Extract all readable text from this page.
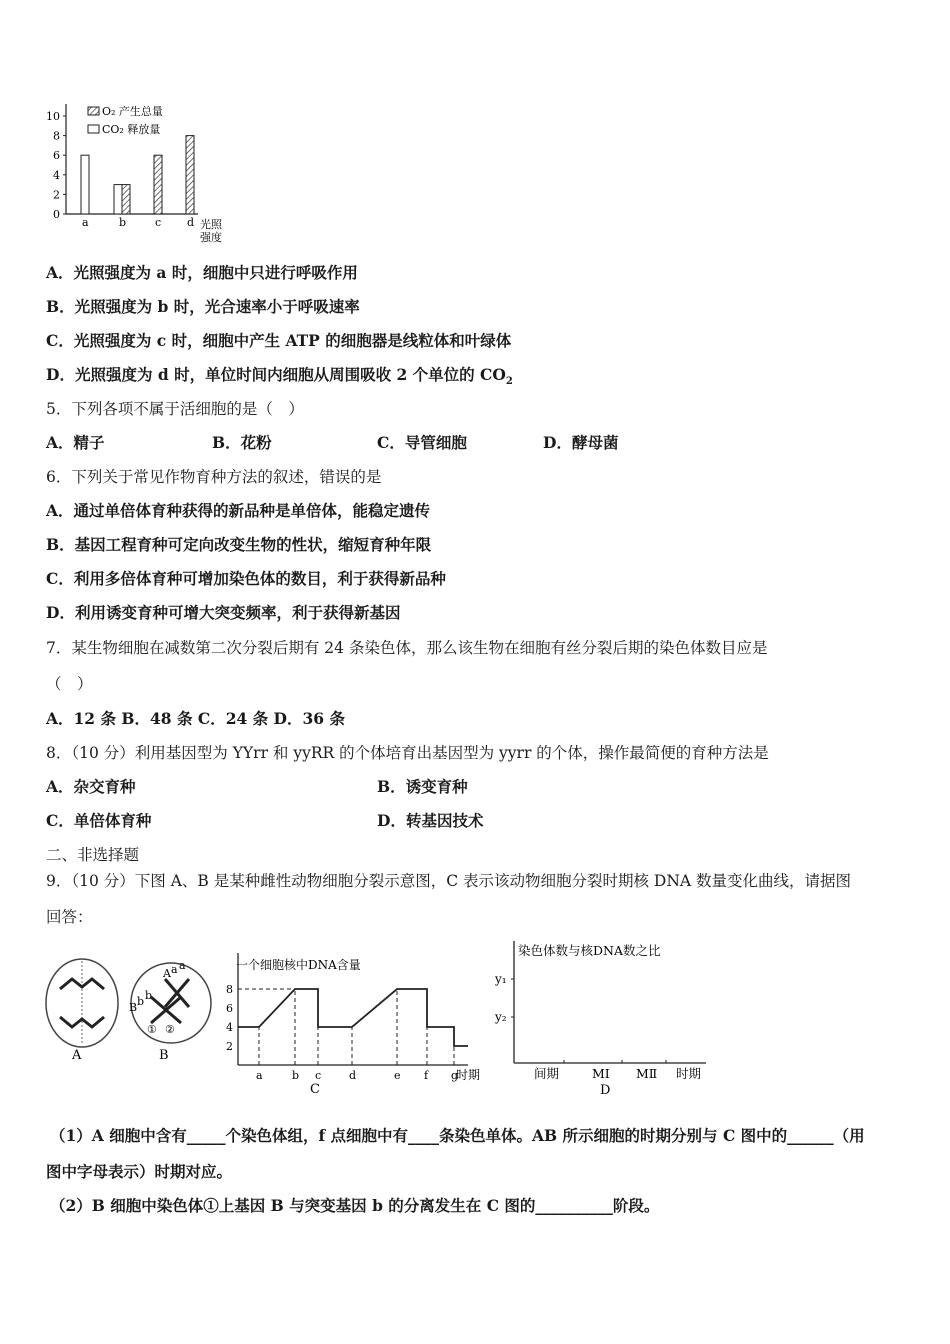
0
2
4
6
8
10
a	b	c d
O₂ 产生总量
CO₂ 释放量
光照
强度
A．光照强度为 a 时，细胞中只进行呼吸作用
B．光照强度为 b 时，光合速率小于呼吸速率
C．光照强度为 c 时，细胞中产生 ATP 的细胞器是线粒体和叶绿体
D．光照强度为 d 时，单位时间内细胞从周围吸收 2 个单位的 $CO_2$
5．下列各项不属于活细胞的是（　）
A．精子	B．花粉	C．导管细胞	D．酵母菌
6．下列关于常见作物育种方法的叙述，错误的是
A．通过单倍体育种获得的新品种是单倍体，能稳定遗传
B．基因工程育种可定向改变生物的性状，缩短育种年限
C．利用多倍体育种可增加染色体的数目，利于获得新品种
D．利用诱变育种可增大突变频率，利于获得新基因
7．某生物细胞在减数第二次分裂后期有 24 条染色体，那么该生物在细胞有丝分裂后期的染色体数目应是
（　）
A．12 条 B．48 条 C．24 条 D．36 条
8．（10 分）利用基因型为 YYrr 和 yyRR 的个体培育出基因型为 yyrr 的个体，操作最简便的育种方法是
A．杂交育种	B．诱变育种
C．单倍体育种	D．转基因技术
二、非选择题
9．（10 分）下图 A、B 是某种雌性动物细胞分裂示意图，C 表示该动物细胞分裂时期核 DNA 数量变化曲线，请据图
回答：
A
B b b
A a a
① ②
B
2
4
6
8
a	b c	d	e f g
一个细胞核中DNA含量
时期
C
间期	MⅠ MⅡ
染色体数与核DNA数之比
y₁
y₂
时期
D
（1）A 细胞中含有_____个染色体组，f 点细胞中有____条染色单体。AB 所示细胞的时期分别与 C 图中的______（用
图中字母表示）时期对应。
（2）B 细胞中染色体①上基因 B 与突变基因 b 的分离发生在 C 图的__________阶段。
